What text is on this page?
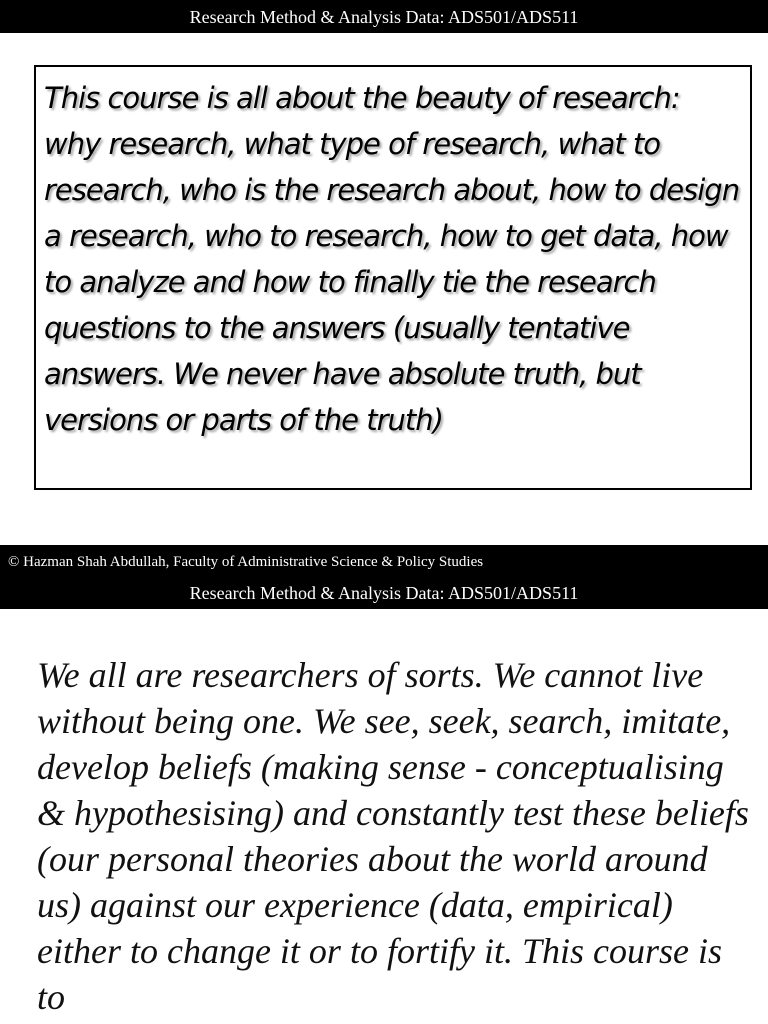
Research Method & Analysis Data: ADS501/ADS511

This course is all about the beauty of research: why research, what type of research, what to research, who is the research about, how to design a research, who to research, how to get data, how to analyze and how to finally tie the research questions to the answers (usually tentative answers. We never have absolute truth, but versions or parts of the truth)

© Hazman Shah Abdullah, Faculty of Administrative Science & Policy Studies
Research Method & Analysis Data: ADS501/ADS511

We all are researchers of sorts. We cannot live without being one. We see, seek, search, imitate, develop beliefs (making sense - conceptualising & hypothesising) and constantly test these beliefs (our personal theories about the world around us) against our experience (data, empirical) either to change it or to fortify it. This course is to
